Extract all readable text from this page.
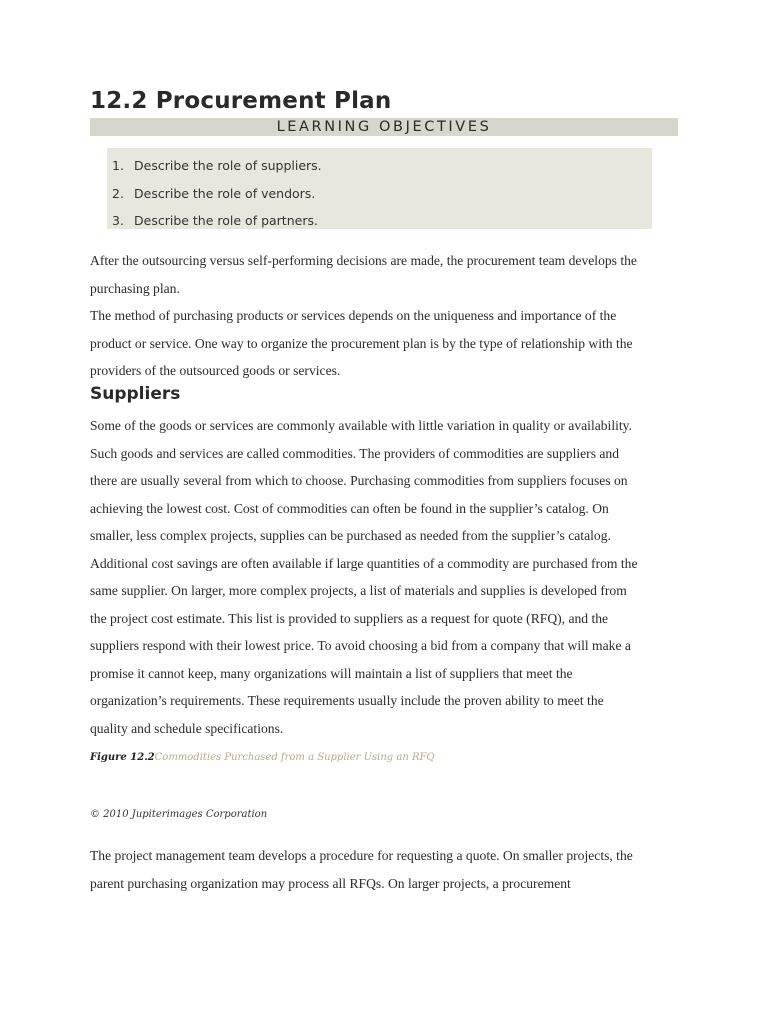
12.2 Procurement Plan
LEARNING OBJECTIVES
1. Describe the role of suppliers.
2. Describe the role of vendors.
3. Describe the role of partners.
After the outsourcing versus self-performing decisions are made, the procurement team develops the
purchasing plan.
The method of purchasing products or services depends on the uniqueness and importance of the
product or service. One way to organize the procurement plan is by the type of relationship with the
providers of the outsourced goods or services.
Suppliers
Some of the goods or services are commonly available with little variation in quality or availability.
Such goods and services are called commodities. The providers of commodities are suppliers and
there are usually several from which to choose. Purchasing commodities from suppliers focuses on
achieving the lowest cost. Cost of commodities can often be found in the supplier’s catalog. On
smaller, less complex projects, supplies can be purchased as needed from the supplier’s catalog.
Additional cost savings are often available if large quantities of a commodity are purchased from the
same supplier. On larger, more complex projects, a list of materials and supplies is developed from
the project cost estimate. This list is provided to suppliers as a request for quote (RFQ), and the
suppliers respond with their lowest price. To avoid choosing a bid from a company that will make a
promise it cannot keep, many organizations will maintain a list of suppliers that meet the
organization’s requirements. These requirements usually include the proven ability to meet the
quality and schedule specifications.
Figure 12.2Commodities Purchased from a Supplier Using an RFQ
© 2010 Jupiterimages Corporation
The project management team develops a procedure for requesting a quote. On smaller projects, the
parent purchasing organization may process all RFQs. On larger projects, a procurement
